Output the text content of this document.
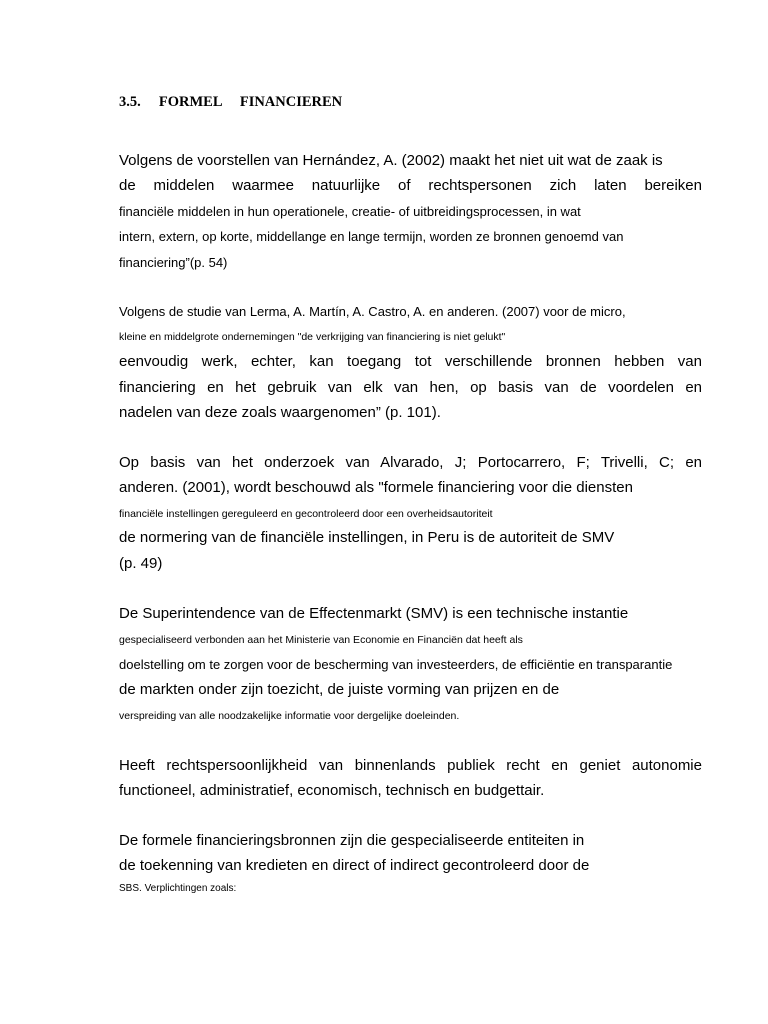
3.5.     FORMEL     FINANCIEREN

Volgens de voorstellen van Hernández, A. (2002) maakt het niet uit wat de zaak is

de middelen waarmee natuurlijke of rechtspersonen zich laten bereiken

financiële middelen in hun operationele, creatie- of uitbreidingsprocessen, in wat

intern, extern, op korte, middellange en lange termijn, worden ze bronnen genoemd van

financiering”(p. 54)

Volgens de studie van Lerma, A. Martín, A. Castro, A. en anderen. (2007) voor de micro,

kleine en middelgrote ondernemingen "de verkrijging van financiering is niet gelukt"

eenvoudig werk, echter, kan toegang tot verschillende bronnen hebben van

financiering en het gebruik van elk van hen, op basis van de voordelen en

nadelen van deze zoals waargenomen” (p. 101).

Op basis van het onderzoek van Alvarado, J; Portocarrero, F; Trivelli, C; en

anderen. (2001), wordt beschouwd als "formele financiering voor die diensten

financiële instellingen gereguleerd en gecontroleerd door een overheidsautoriteit

de normering van de financiële instellingen, in Peru is de autoriteit de SMV

(p. 49)

De Superintendence van de Effectenmarkt (SMV) is een technische instantie

gespecialiseerd verbonden aan het Ministerie van Economie en Financiën dat heeft als

doelstelling om te zorgen voor de bescherming van investeerders, de efficiëntie en transparantie

de markten onder zijn toezicht, de juiste vorming van prijzen en de

verspreiding van alle noodzakelijke informatie voor dergelijke doeleinden.

Heeft rechtspersoonlijkheid van binnenlands publiek recht en geniet autonomie

functioneel, administratief, economisch, technisch en budgettair.

De formele financieringsbronnen zijn die gespecialiseerde entiteiten in

de toekenning van kredieten en direct of indirect gecontroleerd door de

SBS. Verplichtingen zoals:
